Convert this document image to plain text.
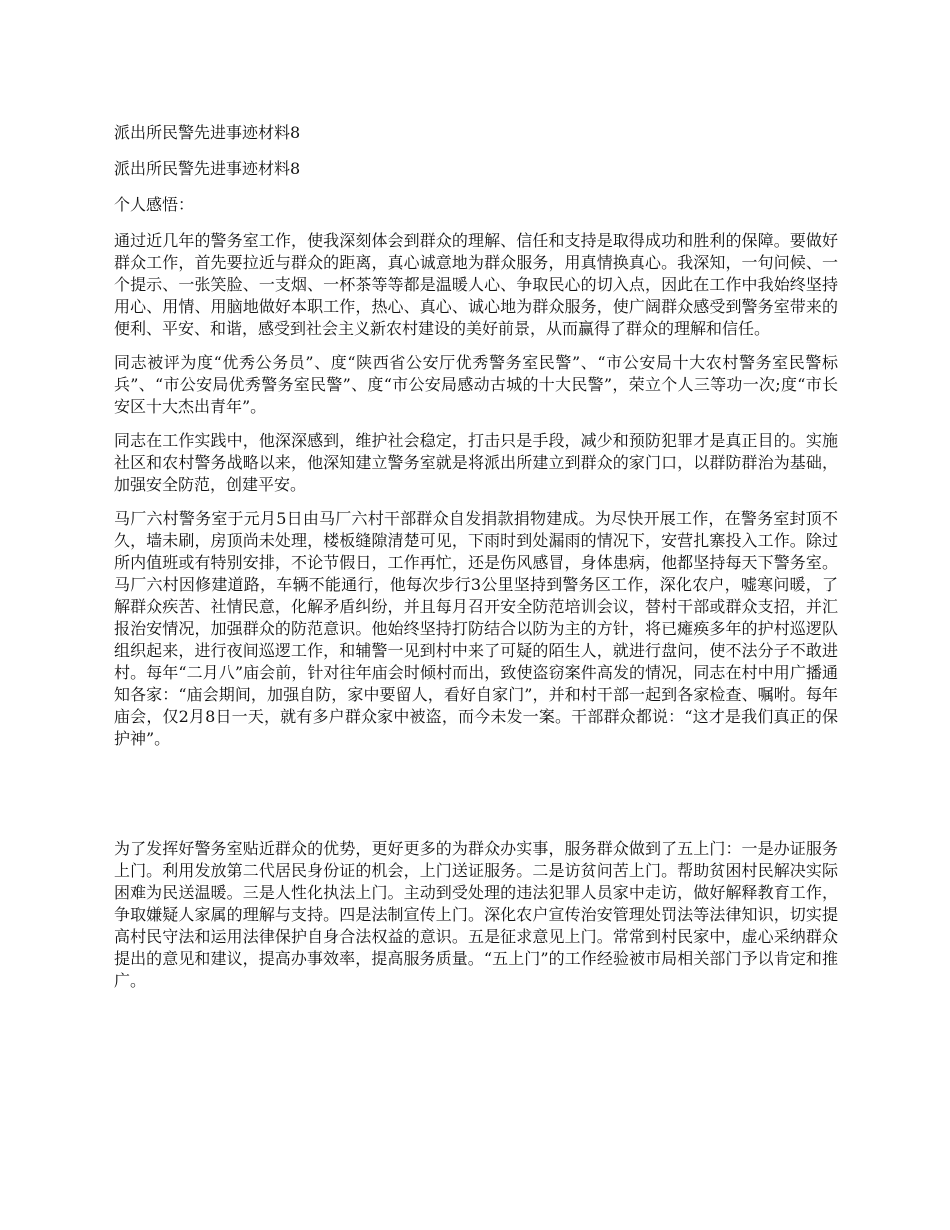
派出所民警先进事迹材料8

派出所民警先进事迹材料8

个人感悟：

通过近几年的警务室工作，使我深刻体会到群众的理解、信任和支持是取得成功和胜利的保障。要做好群众工作，首先要拉近与群众的距离，真心诚意地为群众服务，用真情换真心。我深知，一句问候、一个提示、一张笑脸、一支烟、一杯茶等等都是温暖人心、争取民心的切入点，因此在工作中我始终坚持用心、用情、用脑地做好本职工作，热心、真心、诚心地为群众服务，使广阔群众感受到警务室带来的便利、平安、和谐，感受到社会主义新农村建设的美好前景，从而赢得了群众的理解和信任。

同志被评为度“优秀公务员”、度“陕西省公安厅优秀警务室民警”、“市公安局十大农村警务室民警标兵”、“市公安局优秀警务室民警”、度“市公安局感动古城的十大民警”，荣立个人三等功一次;度“市长安区十大杰出青年”。

同志在工作实践中，他深深感到，维护社会稳定，打击只是手段，减少和预防犯罪才是真正目的。实施社区和农村警务战略以来，他深知建立警务室就是将派出所建立到群众的家门口，以群防群治为基础，加强安全防范，创建平安。

马厂六村警务室于元月5日由马厂六村干部群众自发捐款捐物建成。为尽快开展工作，在警务室封顶不久，墙未刷，房顶尚未处理，楼板缝隙清楚可见，下雨时到处漏雨的情况下，安营扎寨投入工作。除过所内值班或有特别安排，不论节假日，工作再忙，还是伤风感冒，身体患病，他都坚持每天下警务室。马厂六村因修建道路，车辆不能通行，他每次步行3公里坚持到警务区工作，深化农户，嘘寒问暖，了解群众疾苦、社情民意，化解矛盾纠纷，并且每月召开安全防范培训会议，替村干部或群众支招，并汇报治安情况，加强群众的防范意识。他始终坚持打防结合以防为主的方针，将已瘫痪多年的护村巡逻队组织起来，进行夜间巡逻工作，和辅警一见到村中来了可疑的陌生人，就进行盘问，使不法分子不敢进村。每年“二月八”庙会前，针对往年庙会时倾村而出，致使盗窃案件高发的情况，同志在村中用广播通知各家：“庙会期间，加强自防，家中要留人，看好自家门”，并和村干部一起到各家检查、嘱咐。每年庙会，仅2月8日一天，就有多户群众家中被盗，而今未发一案。干部群众都说：“这才是我们真正的保护神”。

为了发挥好警务室贴近群众的优势，更好更多的为群众办实事，服务群众做到了五上门：一是办证服务上门。利用发放第二代居民身份证的机会，上门送证服务。二是访贫问苦上门。帮助贫困村民解决实际困难为民送温暖。三是人性化执法上门。主动到受处理的违法犯罪人员家中走访，做好解释教育工作，争取嫌疑人家属的理解与支持。四是法制宣传上门。深化农户宣传治安管理处罚法等法律知识，切实提高村民守法和运用法律保护自身合法权益的意识。五是征求意见上门。常常到村民家中，虚心采纳群众提出的意见和建议，提高办事效率，提高服务质量。“五上门”的工作经验被市局相关部门予以肯定和推广。
